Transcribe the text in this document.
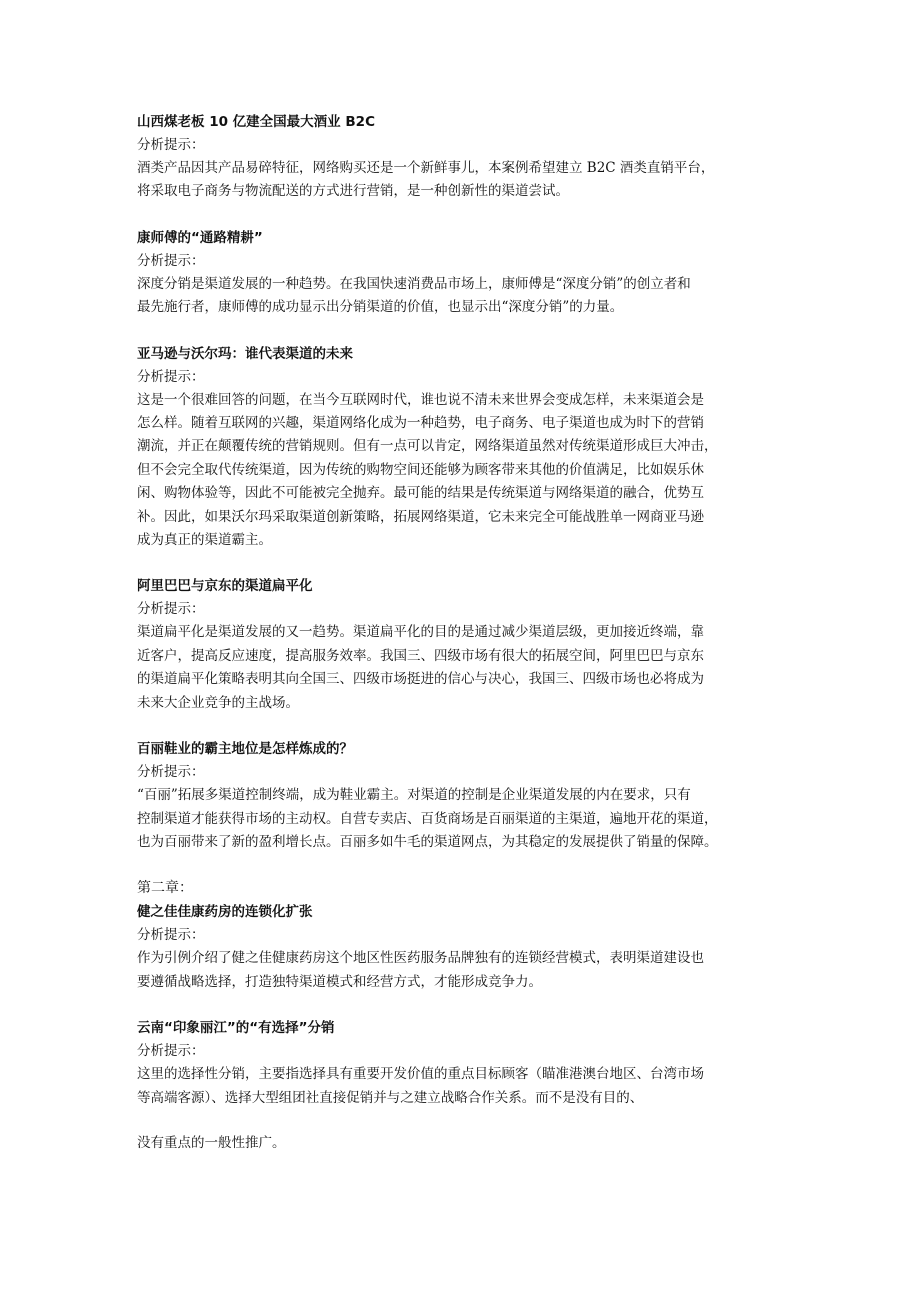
山西煤老板 10 亿建全国最大酒业 B2C
分析提示：
酒类产品因其产品易碎特征，网络购买还是一个新鲜事儿，本案例希望建立 B2C 酒类直销平台，
将采取电子商务与物流配送的方式进行营销，是一种创新性的渠道尝试。
康师傅的“通路精耕”
分析提示：
深度分销是渠道发展的一种趋势。在我国快速消费品市场上，康师傅是“深度分销”的创立者和
最先施行者，康师傅的成功显示出分销渠道的价值，也显示出“深度分销”的力量。
亚马逊与沃尔玛：谁代表渠道的未来
分析提示：
这是一个很难回答的问题，在当今互联网时代，谁也说不清未来世界会变成怎样，未来渠道会是
怎么样。随着互联网的兴趣，渠道网络化成为一种趋势，电子商务、电子渠道也成为时下的营销
潮流，并正在颠覆传统的营销规则。但有一点可以肯定，网络渠道虽然对传统渠道形成巨大冲击，
但不会完全取代传统渠道，因为传统的购物空间还能够为顾客带来其他的价值满足，比如娱乐休
闲、购物体验等，因此不可能被完全抛弃。最可能的结果是传统渠道与网络渠道的融合，优势互
补。因此，如果沃尔玛采取渠道创新策略，拓展网络渠道，它未来完全可能战胜单一网商亚马逊
成为真正的渠道霸主。
阿里巴巴与京东的渠道扁平化
分析提示：
渠道扁平化是渠道发展的又一趋势。渠道扁平化的目的是通过减少渠道层级，更加接近终端，靠
近客户，提高反应速度，提高服务效率。我国三、四级市场有很大的拓展空间，阿里巴巴与京东
的渠道扁平化策略表明其向全国三、四级市场挺进的信心与决心，我国三、四级市场也必将成为
未来大企业竞争的主战场。
百丽鞋业的霸主地位是怎样炼成的？
分析提示：
“百丽”拓展多渠道控制终端，成为鞋业霸主。对渠道的控制是企业渠道发展的内在要求，只有
控制渠道才能获得市场的主动权。自营专卖店、百货商场是百丽渠道的主渠道，遍地开花的渠道，
也为百丽带来了新的盈利增长点。百丽多如牛毛的渠道网点，为其稳定的发展提供了销量的保障。
第二章：
健之佳佳康药房的连锁化扩张
分析提示：
作为引例介绍了健之佳健康药房这个地区性医药服务品牌独有的连锁经营模式，表明渠道建设也
要遵循战略选择，打造独特渠道模式和经营方式，才能形成竞争力。
云南“印象丽江”的“有选择”分销
分析提示：
这里的选择性分销，主要指选择具有重要开发价值的重点目标顾客（瞄准港澳台地区、台湾市场
等高端客源）、选择大型组团社直接促销并与之建立战略合作关系。而不是没有目的、
没有重点的一般性推广。
